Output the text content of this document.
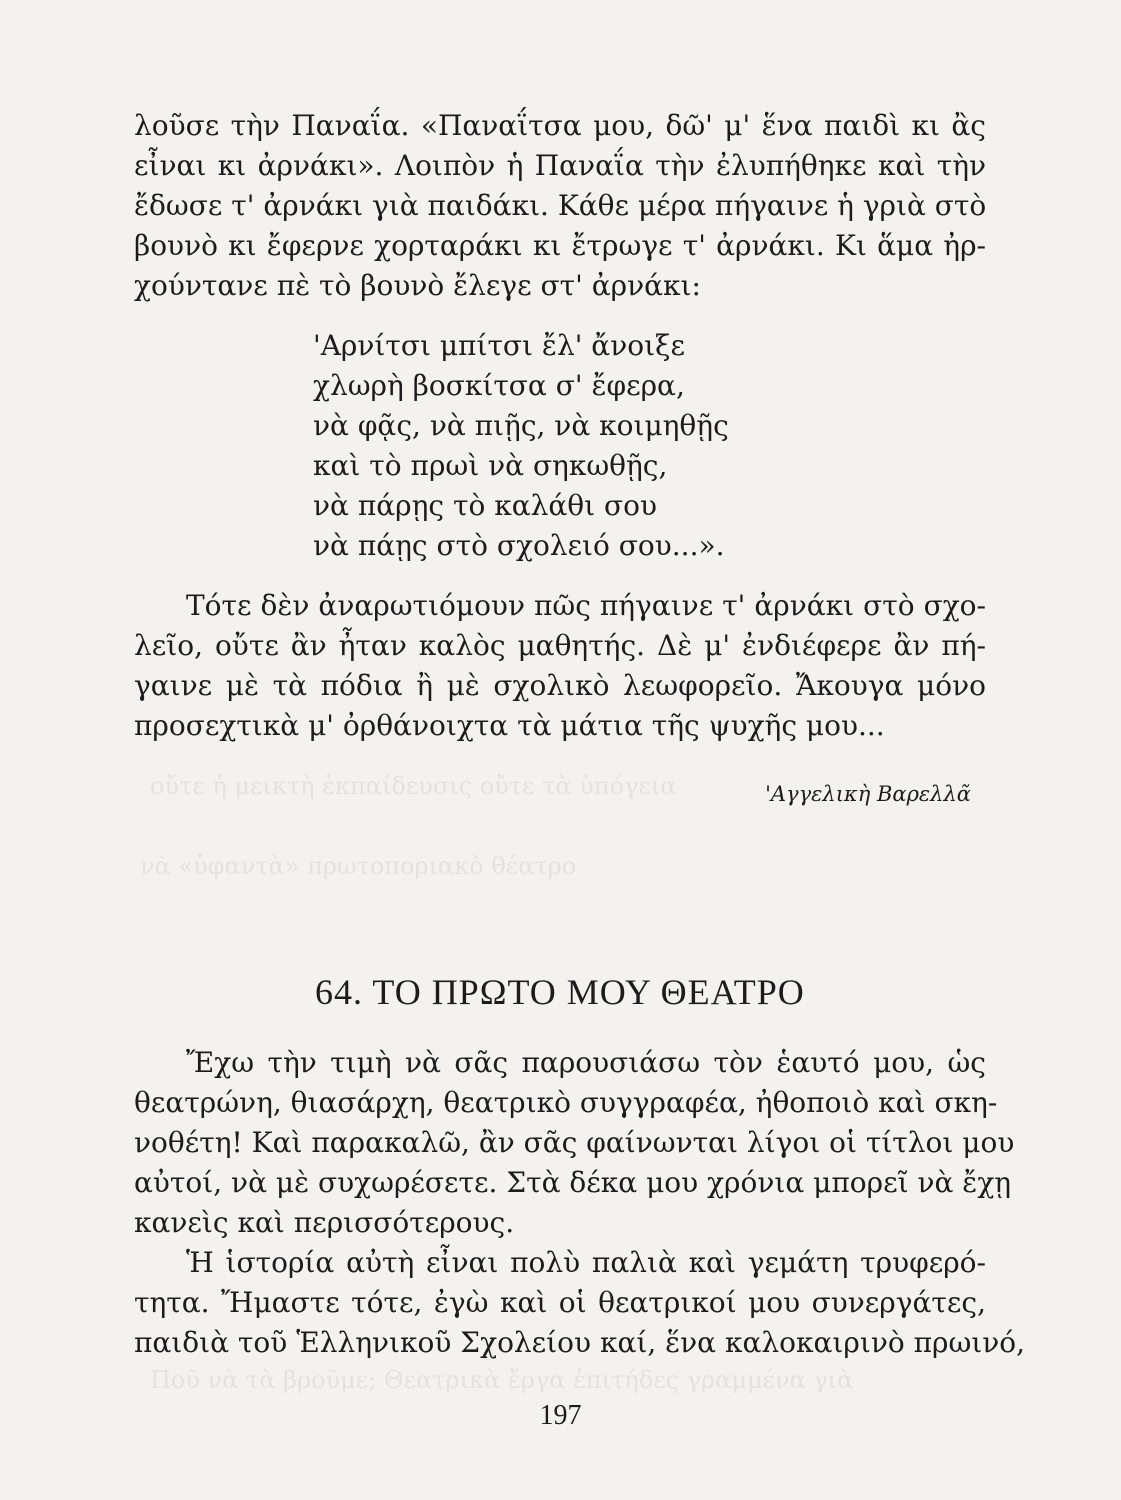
οὔτε ἡ μεικτὴ ἐκπαίδευσις οὔτε τὰ ὑπόγεια
νὰ «ὑφαντὰ» πρωτοποριακὸ θέατρο
Ποῦ νὰ τὰ βροῦμε; Θεατρικὰ ἔργα ἐπιτήδες γραμμένα γιὰ
λοῦσε τὴν Παναΐα. «Παναΐτσα μου, δῶ' μ' ἕνα παιδὶ κι ἂς
εἶναι κι ἀρνάκι». Λοιπὸν ἡ Παναΐα τὴν ἐλυπήθηκε καὶ τὴν
ἔδωσε τ' ἀρνάκι γιὰ παιδάκι. Κάθε μέρα πήγαινε ἡ γριὰ στὸ
βουνὸ κι ἔφερνε χορταράκι κι ἔτρωγε τ' ἀρνάκι. Κι ἅμα ἠρ-
χούντανε πὲ τὸ βουνὸ ἔλεγε στ' ἀρνάκι:
'Αρνίτσι μπίτσι ἔλ' ἄνοιξε
χλωρὴ βοσκίτσα σ' ἔφερα,
νὰ φᾷς, νὰ πιῇς, νὰ κοιμηθῇς
καὶ τὸ πρωὶ νὰ σηκωθῇς,
νὰ πάρῃς τὸ καλάθι σου
νὰ πάῃς στὸ σχολειό σου...».
Τότε δὲν ἀναρωτιόμουν πῶς πήγαινε τ' ἀρνάκι στὸ σχο-
λεῖο, οὔτε ἂν ἦταν καλὸς μαθητής. Δὲ μ' ἐνδιέφερε ἂν πή-
γαινε μὲ τὰ πόδια ἢ μὲ σχολικὸ λεωφορεῖο. Ἄκουγα μόνο
προσεχτικὰ μ' ὀρθάνοιχτα τὰ μάτια τῆς ψυχῆς μου...
'Αγγελικὴ Βαρελλᾶ
64. ΤΟ ΠΡΩΤΟ ΜΟΥ ΘΕΑΤΡΟ
Ἔχω τὴν τιμὴ νὰ σᾶς παρουσιάσω τὸν ἑαυτό μου, ὡς
θεατρώνη, θιασάρχη, θεατρικὸ συγγραφέα, ἠθοποιὸ καὶ σκη-
νοθέτη! Καὶ παρακαλῶ, ἂν σᾶς φαίνωνται λίγοι οἱ τίτλοι μου
αὐτοί, νὰ μὲ συχωρέσετε. Στὰ δέκα μου χρόνια μπορεῖ νὰ ἔχῃ
κανεὶς καὶ περισσότερους.
Ἡ ἱστορία αὐτὴ εἶναι πολὺ παλιὰ καὶ γεμάτη τρυφερό-
τητα. Ἤμαστε τότε, ἐγὼ καὶ οἱ θεατρικοί μου συνεργάτες,
παιδιὰ τοῦ Ἑλληνικοῦ Σχολείου καί, ἕνα καλοκαιρινὸ πρωινό,
197
